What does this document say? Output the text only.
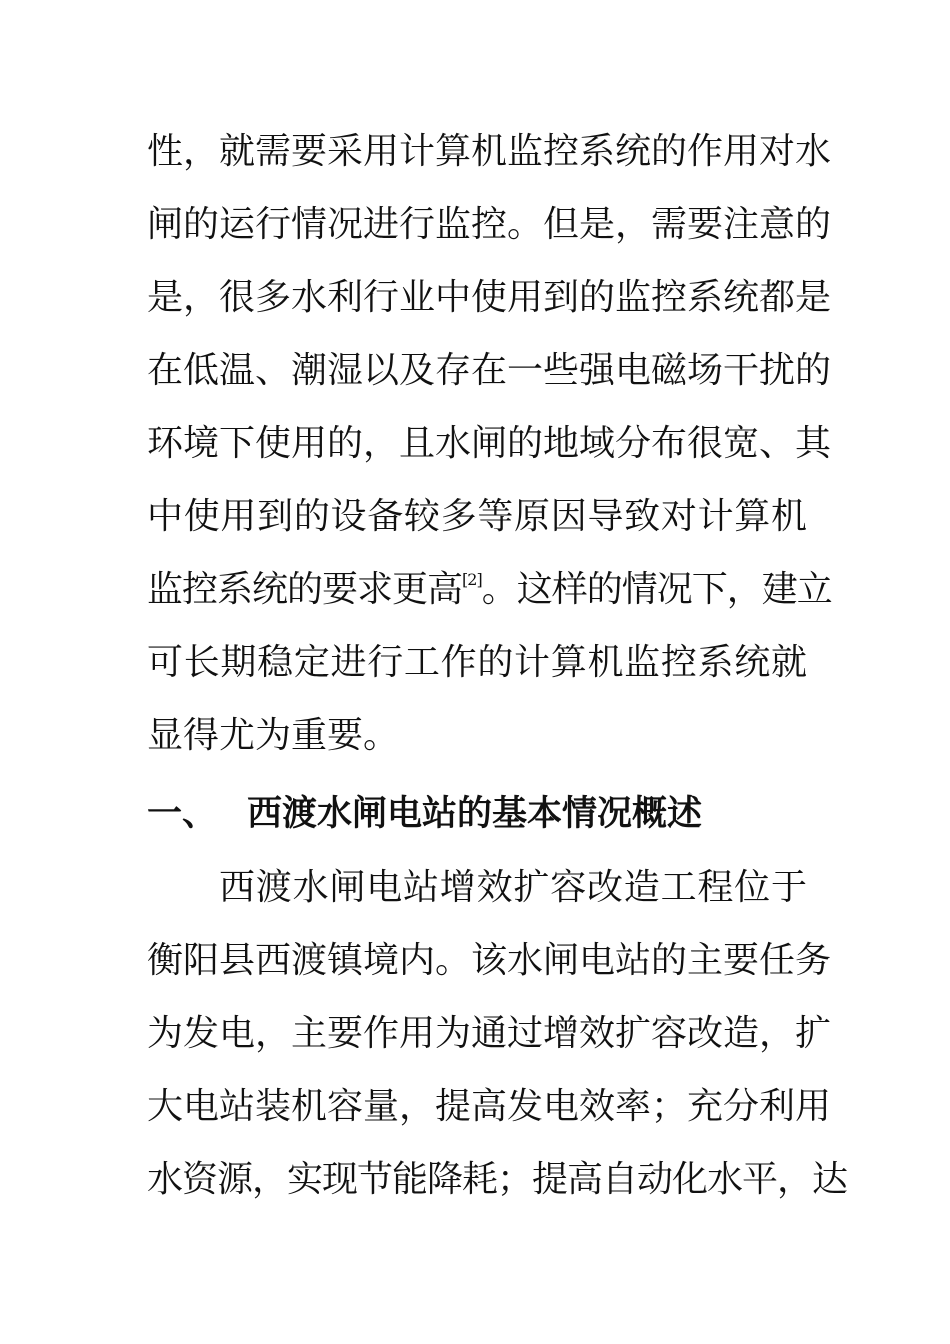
性，就需要采用计算机监控系统的作用对水
闸的运行情况进行监控。但是，需要注意的
是，很多水利行业中使用到的监控系统都是
在低温、潮湿以及存在一些强电磁场干扰的
环境下使用的，且水闸的地域分布很宽、其
中使用到的设备较多等原因导致对计算机
监控系统的要求更高[2]。这样的情况下，建立
可长期稳定进行工作的计算机监控系统就
显得尤为重要。
一、 西渡水闸电站的基本情况概述
西渡水闸电站增效扩容改造工程位于
衡阳县西渡镇境内。该水闸电站的主要任务
为发电，主要作用为通过增效扩容改造，扩
大电站装机容量，提高发电效率；充分利用
水资源，实现节能降耗；提高自动化水平，达
